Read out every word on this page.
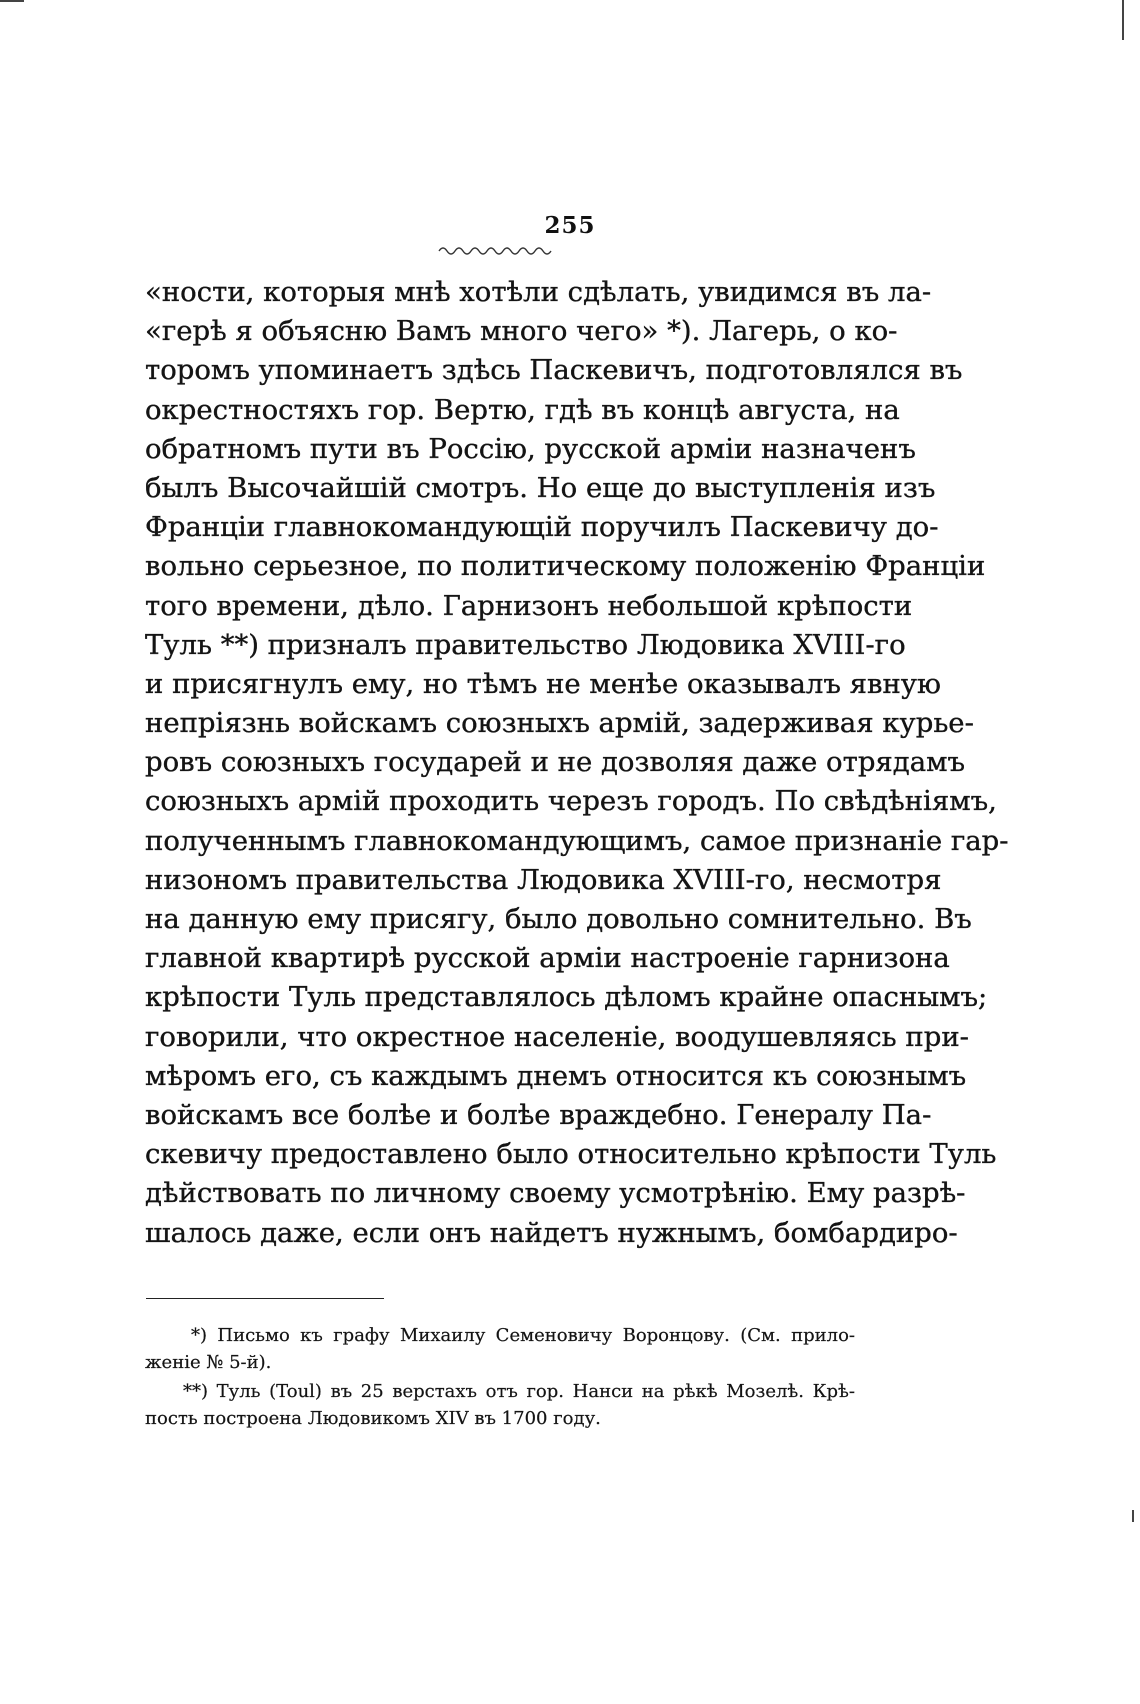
255
«ности, которыя мнѣ хотѣли сдѣлать, увидимся въ ла-
«герѣ я объясню Вамъ много чего» *). Лагерь, о ко-
торомъ упоминаетъ здѣсь Паскевичъ, подготовлялся въ
окрестностяхъ гор. Вертю, гдѣ въ концѣ августа, на
обратномъ пути въ Россію, русской арміи назначенъ
былъ Высочайшій смотръ. Но еще до выступленія изъ
Франціи главнокомандующій поручилъ Паскевичу до-
вольно серьезное, по политическому положенію Франціи
того времени, дѣло. Гарнизонъ небольшой крѣпости
Туль **) призналъ правительство Людовика XVIII-го
и присягнулъ ему, но тѣмъ не менѣе оказывалъ явную
непріязнь войскамъ союзныхъ армій, задерживая курье-
ровъ союзныхъ государей и не дозволяя даже отрядамъ
союзныхъ армій проходить черезъ городъ. По свѣдѣніямъ,
полученнымъ главнокомандующимъ, самое признаніе гар-
низономъ правительства Людовика XVIII-го, несмотря
на данную ему присягу, было довольно сомнительно. Въ
главной квартирѣ русской арміи настроеніе гарнизона
крѣпости Туль представлялось дѣломъ крайне опаснымъ;
говорили, что окрестное населеніе, воодушевляясь при-
мѣромъ его, съ каждымъ днемъ относится къ союзнымъ
войскамъ все болѣе и болѣе враждебно. Генералу Па-
скевичу предоставлено было относительно крѣпости Туль
дѣйствовать по личному своему усмотрѣнію. Ему разрѣ-
шалось даже, если онъ найдетъ нужнымъ, бомбардиро-
*) Письмо къ графу Михаилу Семеновичу Воронцову. (См. прило-
женіе № 5-й).
**) Туль (Toul) въ 25 верстахъ отъ гор. Нанси на рѣкѣ Мозелѣ. Крѣ-
пость построена Людовикомъ XIV въ 1700 году.
